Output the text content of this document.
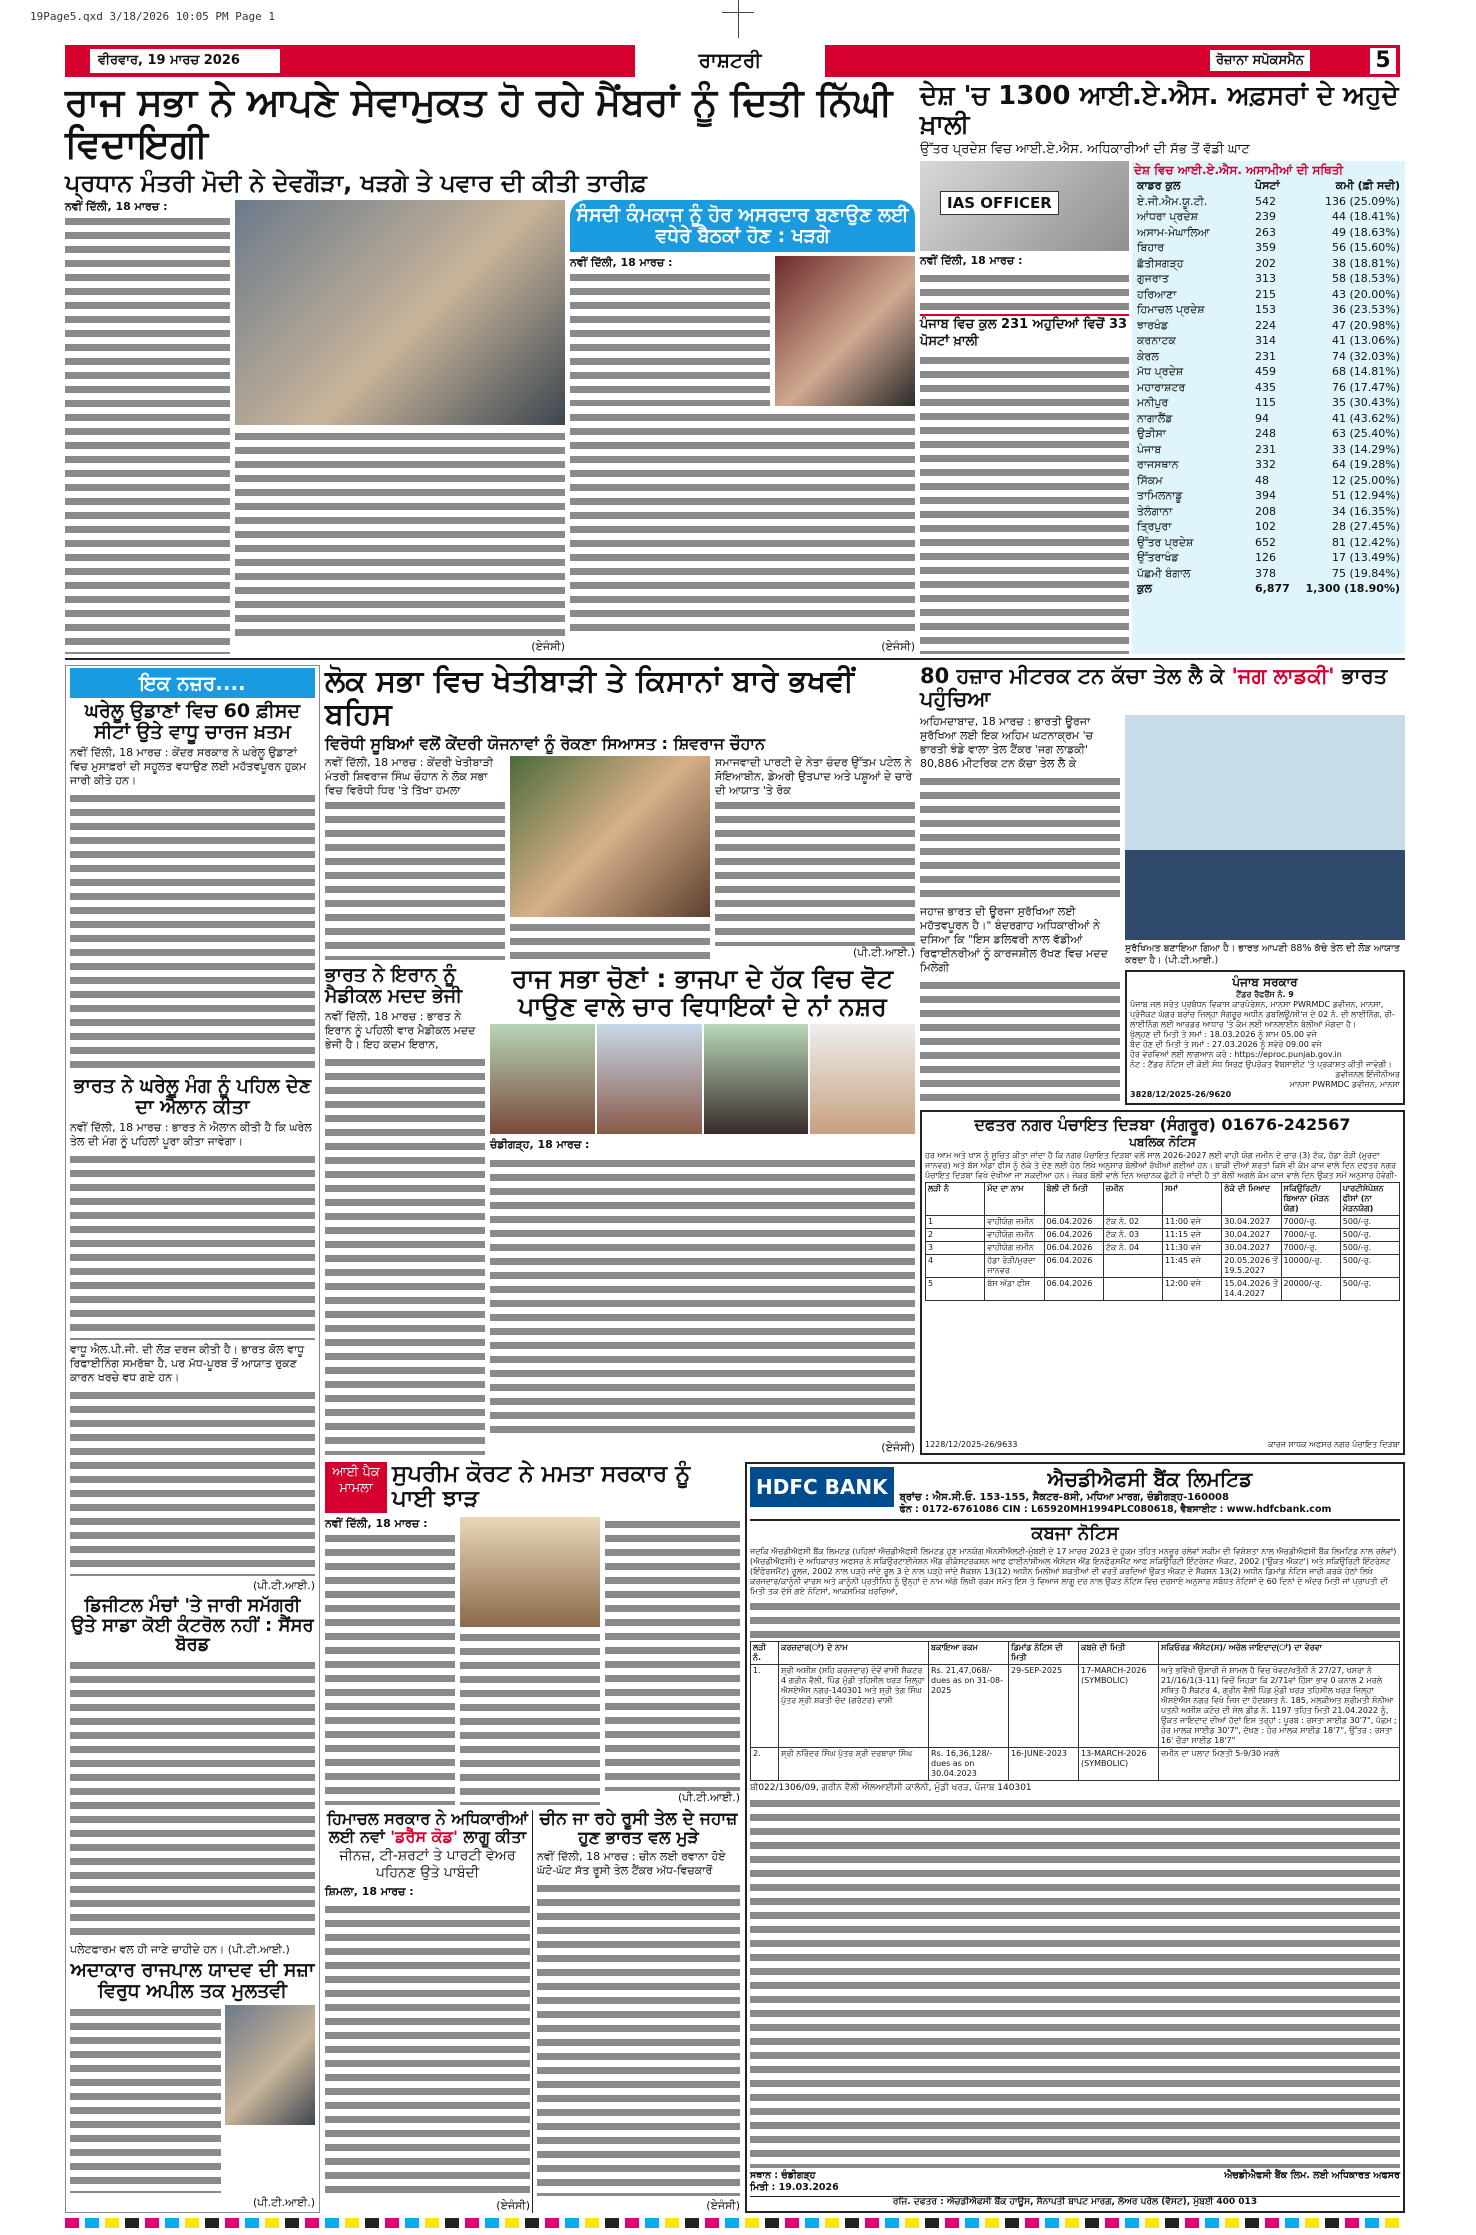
19Page5.qxd 3/18/2026 10:05 PM Page 1
ਵੀਰਵਾਰ, 19 ਮਾਰਚ 2026	ਰਾਸ਼ਟਰੀ	ਰੋਜ਼ਾਨਾ ਸਪੋਕਸਮੈਨ	5
ਰਾਜ ਸਭਾ ਨੇ ਆਪਣੇ ਸੇਵਾਮੁਕਤ ਹੋ ਰਹੇ ਮੈਂਬਰਾਂ ਨੂੰ ਦਿਤੀ ਨਿੱਘੀ ਵਿਦਾਇਗੀ
ਪ੍ਰਧਾਨ ਮੰਤਰੀ ਮੋਦੀ ਨੇ ਦੇਵਗੌੜਾ, ਖੜਗੇ ਤੇ ਪਵਾਰ ਦੀ ਕੀਤੀ ਤਾਰੀਫ਼
ਨਵੀਂ ਦਿੱਲੀ, 18 ਮਾਰਚ :
(ਏਜੰਸੀ)
ਸੰਸਦੀ ਕੰਮਕਾਜ ਨੂੰ ਹੋਰ ਅਸਰਦਾਰ ਬਣਾਉਣ ਲਈ ਵਧੇਰੇ ਬੈਠਕਾਂ ਹੋਣ : ਖੜਗੇ
ਨਵੀਂ ਦਿੱਲੀ, 18 ਮਾਰਚ :
(ਏਜੰਸੀ)
ਦੇਸ਼ 'ਚ 1300 ਆਈ.ਏ.ਐਸ. ਅਫ਼ਸਰਾਂ ਦੇ ਅਹੁਦੇ ਖ਼ਾਲੀ
ਉੱਤਰ ਪ੍ਰਦੇਸ਼ ਵਿਚ ਆਈ.ਏ.ਐਸ. ਅਧਿਕਾਰੀਆਂ ਦੀ ਸੱਭ ਤੋਂ ਵੱਡੀ ਘਾਟ
IAS OFFICER
ਨਵੀਂ ਦਿੱਲੀ, 18 ਮਾਰਚ :
ਪੰਜਾਬ ਵਿਚ ਕੁਲ 231 ਅਹੁਦਿਆਂ ਵਿਚੋਂ 33 ਪੋਸਟਾਂ ਖ਼ਾਲੀ
ਦੇਸ਼ ਵਿਚ ਆਈ.ਏ.ਐਸ. ਅਸਾਮੀਆਂ ਦੀ ਸਥਿਤੀ
ਕਾਡਰ ਕੁਲ	ਪੋਸਟਾਂ	ਕਮੀ (ਫ਼ੀ ਸਦੀ)
ਏ.ਜੀ.ਐਮ.ਯੂ.ਟੀ.	542	136 (25.09%)
ਆਂਧਰਾ ਪ੍ਰਦੇਸ਼	239	44 (18.41%)
ਅਸਾਮ-ਮੇਘਾਲਿਆ	263	49 (18.63%)
ਬਿਹਾਰ	359	56 (15.60%)
ਛੱਤੀਸਗੜ੍ਹ	202	38 (18.81%)
ਗੁਜਰਾਤ	313	58 (18.53%)
ਹਰਿਆਣਾ	215	43 (20.00%)
ਹਿਮਾਚਲ ਪ੍ਰਦੇਸ਼	153	36 (23.53%)
ਝਾਰਖੰਡ	224	47 (20.98%)
ਕਰਨਾਟਕ	314	41 (13.06%)
ਕੇਰਲ	231	74 (32.03%)
ਮੱਧ ਪ੍ਰਦੇਸ਼	459	68 (14.81%)
ਮਹਾਰਾਸ਼ਟਰ	435	76 (17.47%)
ਮਨੀਪੁਰ	115	35 (30.43%)
ਨਾਗਾਲੈਂਡ	94	41 (43.62%)
ਉੜੀਸਾ	248	63 (25.40%)
ਪੰਜਾਬ	231	33 (14.29%)
ਰਾਜਸਥਾਨ	332	64 (19.28%)
ਸਿੱਕਮ	48	12 (25.00%)
ਤਾਮਿਲਨਾਡੂ	394	51 (12.94%)
ਤੇਲੰਗਾਨਾ	208	34 (16.35%)
ਤ੍ਰਿਪੁਰਾ	102	28 (27.45%)
ਉੱਤਰ ਪ੍ਰਦੇਸ਼	652	81 (12.42%)
ਉੱਤਰਾਖੰਡ	126	17 (13.49%)
ਪੱਛਮੀ ਬੰਗਾਲ	378	75 (19.84%)
ਕੁਲ	6,877	1,300 (18.90%)
ਇਕ ਨਜ਼ਰ....
ਘਰੇਲੂ ਉਡਾਣਾਂ ਵਿਚ 60 ਫ਼ੀਸਦ ਸੀਟਾਂ ਉਤੇ ਵਾਧੂ ਚਾਰਜ ਖ਼ਤਮ
ਨਵੀਂ ਦਿੱਲੀ, 18 ਮਾਰਚ : ਕੇਂਦਰ ਸਰਕਾਰ ਨੇ ਘਰੇਲੂ ਉਡਾਣਾਂ ਵਿਚ ਮੁਸਾਫ਼ਰਾਂ ਦੀ ਸਹੂਲਤ ਵਧਾਉਣ ਲਈ ਮਹੱਤਵਪੂਰਨ ਹੁਕਮ ਜਾਰੀ ਕੀਤੇ ਹਨ।
ਭਾਰਤ ਨੇ ਘਰੇਲੂ ਮੰਗ ਨੂੰ ਪਹਿਲ ਦੇਣ ਦਾ ਐਲਾਨ ਕੀਤਾ
ਨਵੀਂ ਦਿੱਲੀ, 18 ਮਾਰਚ : ਭਾਰਤ ਨੇ ਐਲਾਨ ਕੀਤੀ ਹੈ ਕਿ ਘਰੇਲ ਤੇਲ ਦੀ ਮੰਗ ਨੂੰ ਪਹਿਲਾਂ ਪੂਰਾ ਕੀਤਾ ਜਾਵੇਗਾ।
ਵਾਧੂ ਐਲ.ਪੀ.ਜੀ. ਦੀ ਲੋੜ ਦਰਜ ਕੀਤੀ ਹੈ। ਭਾਰਤ ਕੋਲ ਵਾਧੂ ਰਿਫਾਈਨਿੰਗ ਸਮਰੱਥਾ ਹੈ, ਪਰ ਮੱਧ-ਪੂਰਬ ਤੋਂ ਆਯਾਤ ਰੁਕਣ ਕਾਰਨ ਖਰਚੇ ਵਧ ਗਏ ਹਨ।
(ਪੀ.ਟੀ.ਆਈ.)
ਡਿਜੀਟਲ ਮੰਚਾਂ 'ਤੇ ਜਾਰੀ ਸਮੱਗਰੀ ਉਤੇ ਸਾਡਾ ਕੋਈ ਕੰਟਰੋਲ ਨਹੀਂ : ਸੈਂਸਰ ਬੋਰਡ
ਪਲੇਟਫਾਰਮ ਵਲ ਹੀ ਜਾਣੇ ਚਾਹੀਦੇ ਹਨ। (ਪੀ.ਟੀ.ਆਈ.)
ਅਦਾਕਾਰ ਰਾਜਪਾਲ ਯਾਦਵ ਦੀ ਸਜ਼ਾ ਵਿਰੁਧ ਅਪੀਲ ਤਕ ਮੁਲਤਵੀ
(ਪੀ.ਟੀ.ਆਈ.)
ਲੋਕ ਸਭਾ ਵਿਚ ਖੇਤੀਬਾੜੀ ਤੇ ਕਿਸਾਨਾਂ ਬਾਰੇ ਭਖਵੀਂ ਬਹਿਸ
ਵਿਰੋਧੀ ਸੂਬਿਆਂ ਵਲੋਂ ਕੇਂਦਰੀ ਯੋਜਨਾਵਾਂ ਨੂੰ ਰੋਕਣਾ ਸਿਆਸਤ : ਸ਼ਿਵਰਾਜ ਚੌਹਾਨ
ਨਵੀਂ ਦਿੱਲੀ, 18 ਮਾਰਚ : ਕੇਂਦਰੀ ਖੇਤੀਬਾੜੀ ਮੰਤਰੀ ਸ਼ਿਵਰਾਜ ਸਿੰਘ ਚੌਹਾਨ ਨੇ ਲੋਕ ਸਭਾ ਵਿਚ ਵਿਰੋਧੀ ਧਿਰ 'ਤੇ ਤਿੱਖਾ ਹਮਲਾ
ਸਮਾਜਵਾਦੀ ਪਾਰਟੀ ਦੇ ਨੇਤਾ ਚੰਦਰ ਉੱਤਮ ਪਟੇਲ ਨੇ ਸੋਇਆਬੀਨ, ਡੇਅਰੀ ਉਤਪਾਦ ਅਤੇ ਪਸ਼ੂਆਂ ਦੇ ਚਾਰੇ ਦੀ ਆਯਾਤ 'ਤੇ ਰੋਕ
(ਪੀ.ਟੀ.ਆਈ.)
ਭਾਰਤ ਨੇ ਇਰਾਨ ਨੂੰ ਮੈਡੀਕਲ ਮਦਦ ਭੇਜੀ
ਨਵੀਂ ਦਿੱਲੀ, 18 ਮਾਰਚ : ਭਾਰਤ ਨੇ ਇਰਾਨ ਨੂੰ ਪਹਿਲੀ ਵਾਰ ਮੈਡੀਕਲ ਮਦਦ ਭੇਜੀ ਹੈ। ਇਹ ਕਦਮ ਇਰਾਨ,
ਰਾਜ ਸਭਾ ਚੋਣਾਂ : ਭਾਜਪਾ ਦੇ ਹੱਕ ਵਿਚ ਵੋਟ ਪਾਉਣ ਵਾਲੇ ਚਾਰ ਵਿਧਾਇਕਾਂ ਦੇ ਨਾਂ ਨਸ਼ਰ
ਚੰਡੀਗੜ੍ਹ, 18 ਮਾਰਚ :
(ਏਜੰਸੀ)
80 ਹਜ਼ਾਰ ਮੀਟਰਕ ਟਨ ਕੱਚਾ ਤੇਲ ਲੈ ਕੇ 'ਜਗ ਲਾਡਕੀ' ਭਾਰਤ ਪਹੁੰਚਿਆ
ਅਹਿਮਦਾਬਾਦ, 18 ਮਾਰਚ : ਭਾਰਤੀ ਊਰਜਾ ਸੁਰੱਖਿਆ ਲਈ ਇਕ ਅਹਿਮ ਘਟਨਾਕ੍ਰਮ 'ਚ ਭਾਰਤੀ ਝੰਡੇ ਵਾਲਾ ਤੇਲ ਟੈਂਕਰ 'ਜਗ ਲਾਡਕੀ' 80,886 ਮੀਟਰਿਕ ਟਨ ਕੱਚਾ ਤੇਲ ਲੈ ਕੇ
ਜਹਾਜ਼ ਭਾਰਤ ਦੀ ਊਰਜਾ ਸੁਰੱਖਿਆ ਲਈ ਮਹੱਤਵਪੂਰਨ ਹੈ।" ਬੰਦਰਗਾਹ ਅਧਿਕਾਰੀਆਂ ਨੇ ਦਸਿਆ ਕਿ "ਇਸ ਡਲਿਵਰੀ ਨਾਲ ਵੱਡੀਆਂ ਰਿਫਾਈਨਰੀਆਂ ਨੂੰ ਕਾਰਜਸ਼ੀਲ ਰੱਖਣ ਵਿਚ ਮਦਦ ਮਿਲੇਗੀ
ਸੁਰੱਖਿਅਤ ਬਣਾਇਆ ਗਿਆ ਹੈ। ਭਾਰਤ ਆਪਣੀ 88% ਕੱਚੇ ਤੇਲ ਦੀ ਲੋੜ ਆਯਾਤ ਕਰਦਾ ਹੈ। (ਪੀ.ਟੀ.ਆਈ.)
ਪੰਜਾਬ ਸਰਕਾਰ
ਟੈਂਡਰ ਰੈਫਰੈਂਸ ਨੰ. 9
ਪੰਜਾਬ ਜਲ ਸਰੋਤ ਪ੍ਰਬੰਧਨ ਵਿਕਾਸ ਕਾਰਪੋਰੇਸ਼ਨ, ਮਾਨਸਾ PWRMDC ਡਵੀਜ਼ਨ, ਮਾਨਸਾ, ਪ੍ਰੋਜੈਕਟ ਘੱਗਰ ਬਰਾਂਚ ਜ਼ਿਲ੍ਹਾ ਸੰਗਰੂਰ ਅਧੀਨ ਡਬਲਿਊ/ਸੀ'ਜ਼ ਦੇ 02 ਨੰ. ਦੀ ਲਾਈਨਿੰਗ, ਰੀ-ਲਾਈਨਿੰਗ ਲਈ ਆਰਡਰ ਆਧਾਰ 'ਤੇ ਕੰਮ ਲਈ ਆਨਲਾਈਨ ਬੋਲੀਆਂ ਮੰਗਦਾ ਹੈ।
ਖੁੱਲ੍ਹਣ ਦੀ ਮਿਤੀ ਤੇ ਸਮਾਂ : 18.03.2026 ਨੂੰ ਸ਼ਾਮ 05.00 ਵਜੇ
ਬੰਦ ਹੋਣ ਦੀ ਮਿਤੀ ਤੇ ਸਮਾਂ : 27.03.2026 ਨੂੰ ਸਵੇਰੇ 09.00 ਵਜੇ
ਹੋਰ ਵੇਰਵਿਆਂ ਲਈ ਲਾਗਆਨ ਕਰੋ : https://eproc.punjab.gov.in
ਨੋਟ : ਟੈਂਡਰ ਨੋਟਿਸ ਦੀ ਕੋਈ ਸੋਧ ਸਿਰਫ਼ ਉਪਰੋਕਤ ਵੈਬਸਾਈਟ 'ਤੇ ਪ੍ਰਕਾਸ਼ਤ ਕੀਤੀ ਜਾਵੇਗੀ।
ਡਵੀਜ਼ਨਲ ਇੰਜੀਨੀਅਰ
ਮਾਨਸਾ PWRMDC ਡਵੀਜ਼ਨ, ਮਾਨਸਾ
3828/12/2025-26/9620
ਦਫਤਰ ਨਗਰ ਪੰਚਾਇਤ ਦਿੜਬਾ (ਸੰਗਰੂਰ) 01676-242567
ਪਬਲਿਕ ਨੋਟਿਸ
ਹਰ ਆਮ ਅਤੇ ਖਾਸ ਨੂੰ ਸੂਚਿਤ ਕੀਤਾ ਜਾਂਦਾ ਹੈ ਕਿ ਨਗਰ ਪੰਚਾਇਤ ਦਿੜਬਾ ਵਲੋਂ ਸਾਲ 2026-2027 ਲਈ ਵਾਹੀ ਯੋਗ ਜ਼ਮੀਨ ਦੇ ਚਾਰ (3) ਟੱਕ, ਹੱਡਾ ਰੋੜੀ (ਮੁਰਦਾ ਜਾਨਵਰ) ਅਤੇ ਬੱਸ ਅੱਡਾ ਫੀਸ ਨੂੰ ਠੇਕੇ ਤੇ ਦੇਣ ਲਈ ਹੇਠ ਲਿਖੇ ਅਨੁਸਾਰ ਬੋਲੀਆਂ ਰੱਖੀਆਂ ਗਈਆਂ ਹਨ। ਬਾਕੀ ਦੀਆਂ ਸ਼ਰਤਾਂ ਕਿਸੇ ਵੀ ਕੰਮ ਕਾਜ ਵਾਲੇ ਦਿਨ ਦਫਤਰ ਨਗਰ ਪੰਚਾਇਤ ਦਿੜਬਾ ਵਿਖੇ ਦੇਖੀਆ ਜਾ ਸਕਦੀਆ ਹਨ। ਜੇਕਰ ਬੋਲੀ ਵਾਲੇ ਦਿਨ ਅਚਾਨਕ ਛੁੱਟੀ ਹੋ ਜਾਂਦੀ ਹੈ ਤਾਂ ਬੋਲੀ ਅਗਲੇ ਕੰਮ ਕਾਜ ਵਾਲੇ ਦਿਨ ਉਕਤ ਸਮੇਂ ਅਨੁਸਾਰ ਹੋਵੇਗੀ-
ਲੜੀ ਨੰ	ਮੱਦ ਦਾ ਨਾਮ	ਬੋਲੀ ਦੀ ਮਿਤੀ	ਜ਼ਮੀਨ	ਸਮਾਂ	ਠੇਕੇ ਦੀ ਮਿਆਦ	ਸਕਿਉਰਿਟੀ/ਬਿਆਨਾ (ਮੋੜਨ ਯੋਗ)	ਪਾਰਟੀਸੇਪੇਸ਼ਨ ਫੀਸਾਂ (ਨਾ ਮੋੜਨਯੋਗ)
1	ਵਾਹੀਯੋਗ ਜ਼ਮੀਨ	06.04.2026	ਟੱਕ ਨੰ. 02	11:00 ਵਜੇ	30.04.2027	7000/-ਰੁ.	500/-ਰੁ.
2	ਵਾਹੀਯੋਗ ਜ਼ਮੀਨ	06.04.2026	ਟੱਕ ਨੰ. 03	11:15 ਵਜੇ	30.04.2027	7000/-ਰੁ.	500/-ਰੁ.
3	ਵਾਹੀਯੋਗ ਜ਼ਮੀਨ	06.04.2026	ਟੱਕ ਨੰ. 04	11:30 ਵਜੇ	30.04.2027	7000/-ਰੁ.	500/-ਰੁ.
4	ਹੱਡਾ ਰੋੜੀ/ਮੁਰਦਾ ਜਾਨਵਰ	06.04.2026		11:45 ਵਜੇ	20.05.2026 ਤੋਂ 19.5.2027	10000/-ਰੁ.	500/-ਰੁ.
5	ਬੱਸ ਅੱਡਾ ਫੀਸ	06.04.2026		12:00 ਵਜੇ	15.04.2026 ਤੋਂ 14.4.2027	20000/-ਰੁ.	500/-ਰੁ.
1228/12/2025-26/9633	ਕਾਰਜ ਸਾਧਕ ਅਫਸਰ ਨਗਰ ਪੰਚਾਇਤ ਦਿੜਬਾ
ਆਈ ਪੈਕ ਮਾਮਲਾ
ਸੁਪਰੀਮ ਕੋਰਟ ਨੇ ਮਮਤਾ ਸਰਕਾਰ ਨੂੰ ਪਾਈ ਝਾੜ
ਨਵੀਂ ਦਿੱਲੀ, 18 ਮਾਰਚ :
(ਪੀ.ਟੀ.ਆਈ.)
ਹਿਮਾਚਲ ਸਰਕਾਰ ਨੇ ਅਧਿਕਾਰੀਆਂ ਲਈ ਨਵਾਂ 'ਡਰੈੱਸ ਕੋਡ' ਲਾਗੂ ਕੀਤਾ
ਜੀਨਜ਼, ਟੀ-ਸ਼ਰਟਾਂ ਤੇ ਪਾਰਟੀ ਵੇਅਰ ਪਹਿਨਣ ਉਤੇ ਪਾਬੰਦੀ
ਸ਼ਿਮਲਾ, 18 ਮਾਰਚ :
(ਏਜੰਸੀ)
ਚੀਨ ਜਾ ਰਹੇ ਰੂਸੀ ਤੇਲ ਦੇ ਜਹਾਜ਼ ਹੁਣ ਭਾਰਤ ਵਲ ਮੁੜੇ
ਨਵੀਂ ਦਿੱਲੀ, 18 ਮਾਰਚ : ਚੀਨ ਲਈ ਰਵਾਨਾ ਹੋਏ ਘੱਟੋ-ਘੱਟ ਸੱਤ ਰੂਸੀ ਤੇਲ ਟੈਂਕਰ ਅੱਧ-ਵਿਚਕਾਰੋਂ
(ਏਜੰਸੀ)
HDFC BANK	ਐਚਡੀਐਫਸੀ ਬੈਂਕ ਲਿਮਟਿਡ
ਬ੍ਰਾਂਚ : ਐਸ.ਸੀ.ਓ. 153-155, ਸੈਕਟਰ-8ਸੀ, ਮਧਿਆ ਮਾਰਗ, ਚੰਡੀਗੜ੍ਹ-160008
ਫੋਨ : 0172-6761086 CIN : L65920MH1994PLC080618, ਵੈਬਸਾਈਟ : www.hdfcbank.com
ਕਬਜਾ ਨੋਟਿਸ
ਜਦਕਿ ਐਚਡੀਐਫਸੀ ਬੈਂਕ ਲਿਮਟਡ (ਪਹਿਲਾਂ ਐਚਡੀਐਫਸੀ ਲਿਮਟਡ ਹੁਣ ਮਾਨਯੋਗ ਐਨਸੀਐਲਟੀ-ਮੁੰਬਈ ਦੇ 17 ਮਾਰਚ 2023 ਦੇ ਹੁਕਮ ਤਹਿਤ ਮਨਜ਼ੂਰ ਰਲੇਵਾਂ ਸਕੀਮ ਦੀ ਵਿਸ਼ੇਸ਼ਤਾ ਨਾਲ ਐਚਡੀਐਫਸੀ ਬੈਂਕ ਲਿਮਟਿਡ ਨਾਲ ਰਲੇਵਾਂ) (ਐਚਡੀਐਫਸੀ) ਦੇ ਅਧਿਕਾਰਤ ਅਫਸਰ ਨੇ ਸਕਿਉਰਟਾਈਜੇਸ਼ਨ ਐਂਡ ਰੀਕੰਸਟਰਕਸ਼ਨ ਆਫ ਫਾਈਨਾਂਸ਼ੀਅਲ ਐਸੇਟਸ ਐਂਡ ਇਨਫੋਰਸਮੈਂਟ ਆਫ ਸਕਿਉਰਿਟੀ ਇੰਟਰੇਸਟ ਐਕਟ, 2002 ('ਉਕਤ ਐਕਟ') ਅਤੇ ਸਕਿਉਰਿਟੀ ਇੰਟਰੇਸਟ (ਇੰਫੋਰਸਮੈਂਟ) ਰੂਲਜ਼, 2002 ਨਾਲ ਪੜ੍ਹੇ ਜਾਂਦੇ ਰੂਲ 3 ਦੇ ਨਾਲ ਪੜ੍ਹੇ ਜਾਂਦੇ ਸੈਕਸ਼ਨ 13(12) ਅਧੀਨ ਮਿਲੀਆਂ ਸ਼ਕਤੀਆਂ ਦੀ ਵਰਤੋਂ ਕਰਦਿਆਂ ਉਕਤ ਐਕਟ ਦੇ ਸੈਕਸ਼ਨ 13(2) ਅਧੀਨ ਡਿਮਾਂਡ ਨੋਟਿਸ ਜਾਰੀ ਕਰਕੇ ਹੇਠਾਂ ਲਿਖੇ ਕਰਜਦਾਰ/ਕਾਨੂੰਨੀ ਵਾਰਸ ਅਤੇ ਕਾਨੂੰਨੀ ਪ੍ਰਤੀਨਿਧ ਨੂੰ ਉਨ੍ਹਾਂ ਦੇ ਨਾਮ ਅੱਗੇ ਲਿਖੀ ਰਕਮ ਸਮੇਤ ਇਸ ਤੇ ਵਿਆਜ ਲਾਗੂ ਦਰ ਨਾਲ ਉਕਤ ਨੋਟਿਸ ਵਿਚ ਦਰਸਾਏ ਅਨੁਸਾਰ ਸਬੰਧਤ ਨੋਟਿਸਾਂ ਦੇ 60 ਦਿਨਾਂ ਦੇ ਅੰਦਰ ਮਿਤੀ ਜਾਂ ਪ੍ਰਾਪਤੀ ਦੀ ਮਿਤੀ ਤਕ ਦੱਸੇ ਗਏ ਨੋਟਿਸਾਂ, ਆਕਸਮਿਕ ਖ਼ਰਚਿਆਂ,
ਲੜੀ ਨੰ.	ਕਰਜ਼ਦਾਰ(ਾਂ) ਦੇ ਨਾਮ	ਬਕਾਇਆ ਰਕਮ	ਡਿਮਾਂਡ ਨੋਟਿਸ ਦੀ ਮਿਤੀ	ਕਬਜ਼ੇ ਦੀ ਮਿਤੀ	ਸਕਿਓਰਡ ਐਸੇਟ(ਸ)/ ਅਚੱਲ ਜਾਇਦਾਦ(ਾਂ) ਦਾ ਵੇਰਵਾ
1.	ਸ਼੍ਰੀ ਅਸ਼ੀਸ਼ (ਸਹਿ ਕਰਜ਼ਦਾਰ) ਦੋਵੇਂ ਵਾਸੀ ਸੈਕਟਰ 4 ਗਰੀਨ ਵੈਲੀ, ਪਿੰਡ ਮੁੰਡੀ ਤਹਿਸੀਲ ਖਰੜ ਜ਼ਿਲ੍ਹਾ ਐਸਏਐਸ ਨਗਰ-140301 ਅਤੇ ਸ਼੍ਰੀ ਤੇਗ ਸਿੰਘ ਪੁੱਤਰ ਸ਼੍ਰੀ ਸ਼ਕਤੀ ਚੰਦ (ਗਰੰਟਰ) ਵਾਸੀ	Rs. 21,47,068/- dues as on 31-08-2025	29-SEP-2025	17-MARCH-2026 (SYMBOLIC)	ਅਤੇ ਭਵਿੱਖੀ ਉਸਾਰੀ ਜੋ ਸ਼ਾਮਲ ਹੈ ਵਿਚ ਖੇਵਟ/ਖਤੌਨੀ ਨੰ 27/27, ਖਸਰਾ ਨੰ 21//16/1(3-11) ਵਿਚੋਂ ਜਿਹੜਾ ਕਿ 2/71ਵਾਂ ਹਿੱਸਾ ਭਾਵ 0 ਕਨਾਲ 2 ਮਰਲੇ ਸਥਿਤ ਹੈ ਸੈਕਟਰ 4, ਗ੍ਰੀਨ ਵੈਲੀ ਪਿੰਡ ਮੁੰਡੀ ਖਰੜ ਤਹਿਸੀਲ ਖਰੜ ਜ਼ਿਲ੍ਹਾ ਐਸਏਐਸ ਨਗਰ ਵਿਖੇ ਜਿਸ ਦਾ ਹੱਦਬਸਤ ਨੰ. 185, ਮਲਕੀਅਤ ਸ਼੍ਰੀਮਤੀ ਸੋਨੀਆ ਪਤਨੀ ਅਸ਼ੀਸ਼ ਕਟੋਚ ਦੀ ਸੇਲ ਡੀਡ ਨੰ. 1197 ਤਹਿਤ ਮਿਤੀ 21.04.2022 ਨੂੰ, ਉਕਤ ਜਾਇਦਾਦ ਦੀਆਂ ਹੱਦਾਂ ਇਸ ਤਰ੍ਹਾਂ : ਪੂਰਬ : ਰਸਤਾ ਸਾਈਡ 30'7", ਪੱਛਮ ; ਹੋਰ ਮਾਲਕ ਸਾਈਡ 30'7", ਦੱਖਣ : ਹੋਰ ਮਾਲਕ ਸਾਈਡ 18'7", ਉੱਤਰ : ਰਸਤਾ 16' ਚੌੜਾ ਸਾਈਡ 18'7"
2.	ਸ਼੍ਰੀ ਨਰਿੰਦਰ ਸਿੰਘ ਪੁੱਤਰ ਸ਼੍ਰੀ ਦਰਬਾਰਾ ਸਿੰਘ	Rs. 16,36,128/- dues as on 30.04.2023	16-JUNE-2023	13-MARCH-2026 (SYMBOLIC)	ਜ਼ਮੀਨ ਦਾ ਪਲਾਟ ਮਿਣਤੀ 5-9/30 ਮਰਲੇ
ਬੀ022/1306/09, ਗਰੀਨ ਵੈਲੀ ਐਲਆਈਸੀ ਕਾਲੋਨੀ, ਮੁੰਡੀ ਖਰੜ, ਪੰਜਾਬ 140301
ਸਥਾਨ : ਚੰਡੀਗੜ੍ਹ
ਮਿਤੀ : 19.03.2026
ਐਚਡੀਐਫਸੀ ਬੈਂਕ ਲਿਮ. ਲਈ ਅਧਿਕਾਰਤ ਅਫਸਰ
ਰਜਿ. ਦਫਤਰ : ਐਚਡੀਐਫਸੀ ਬੈਂਕ ਹਾਊਸ, ਸੈਨਾਪਤੀ ਬਾਪਟ ਮਾਰਗ, ਲੋਅਰ ਪਰੇਲ (ਵੈਸਟ), ਮੁੰਬਈ 400 013
